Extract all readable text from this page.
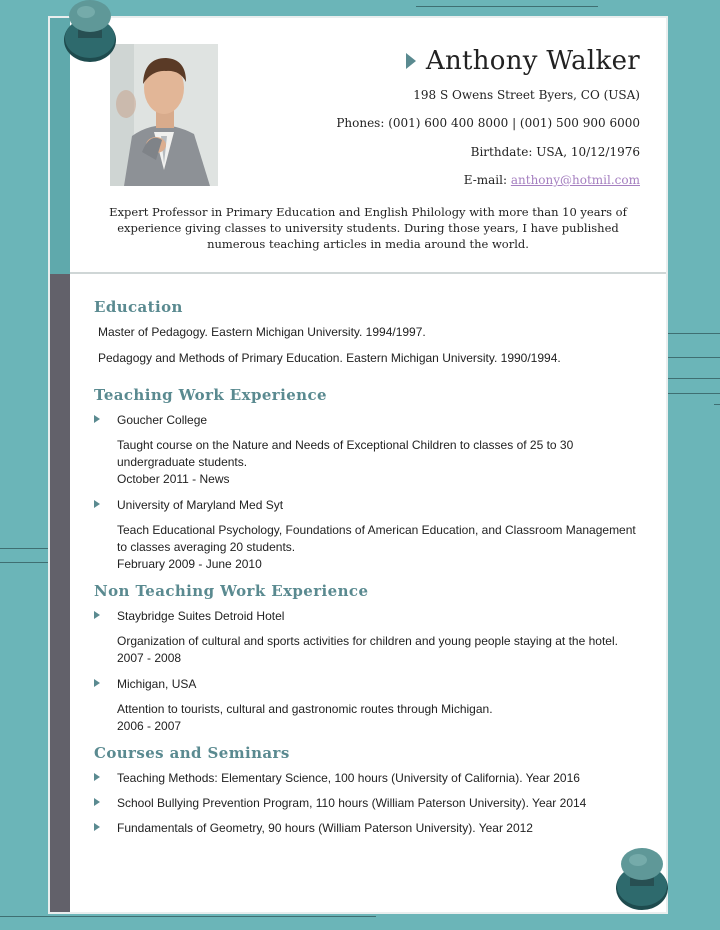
Anthony Walker
198 S Owens Street Byers, CO (USA)
Phones: (001) 600 400 8000 | (001) 500 900 6000
Birthdate: USA, 10/12/1976
E-mail: anthony@hotmil.com
Expert Professor in Primary Education and English Philology with more than 10 years of experience giving classes to university students. During those years, I have published numerous teaching articles in media around the world.
Education
Master of Pedagogy. Eastern Michigan University. 1994/1997.
Pedagogy and Methods of Primary Education. Eastern Michigan University. 1990/1994.
Teaching Work Experience
Goucher College
Taught course on the Nature and Needs of Exceptional Children to classes of 25 to 30 undergraduate students.
October 2011 - News
University of Maryland Med Syt
Teach Educational Psychology, Foundations of American Education, and Classroom Management to classes averaging 20 students.
February 2009 - June 2010
Non Teaching Work Experience
Staybridge Suites Detroid Hotel
Organization of cultural and sports activities for children and young people staying at the hotel.
2007 - 2008
Michigan, USA
Attention to tourists, cultural and gastronomic routes through Michigan.
2006 - 2007
Courses and Seminars
Teaching Methods: Elementary Science, 100 hours (University of California). Year 2016
School Bullying Prevention Program, 110 hours (William Paterson University). Year 2014
Fundamentals of Geometry, 90 hours (William Paterson University). Year 2012
